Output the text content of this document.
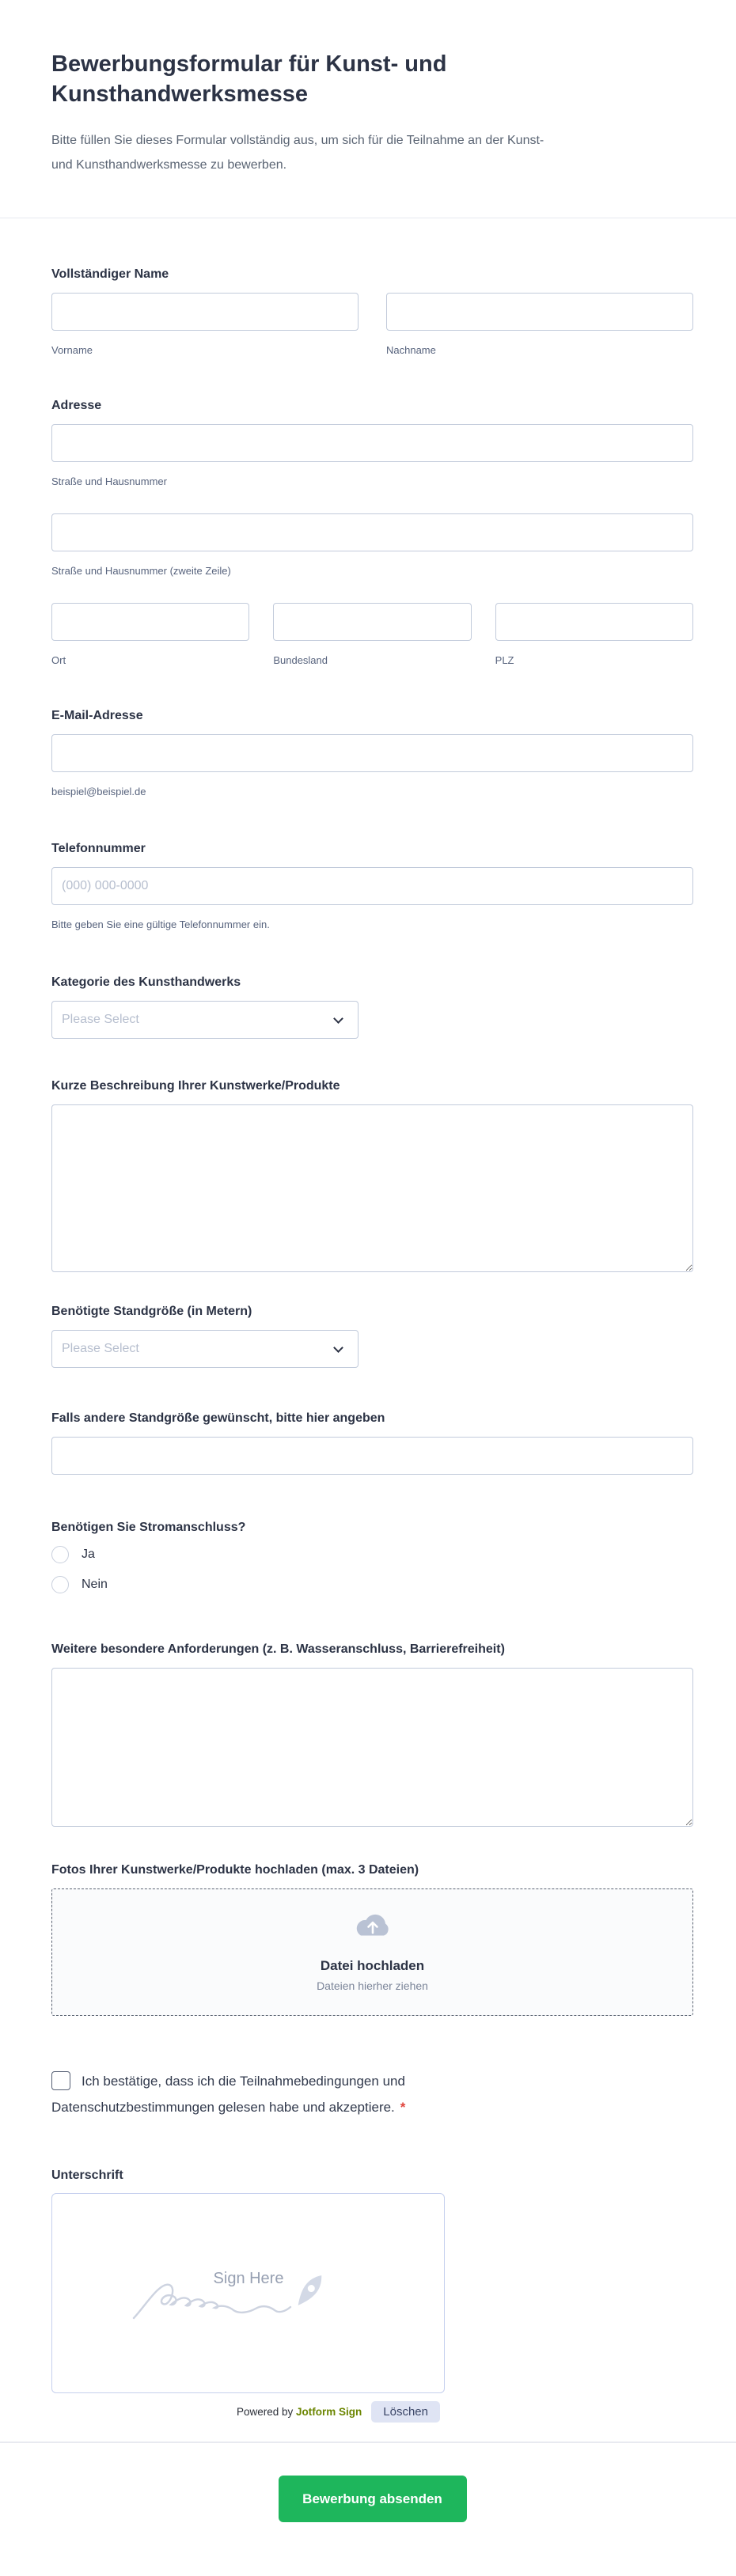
Bewerbungsformular für Kunst- und Kunsthandwerksmesse

Bitte füllen Sie dieses Formular vollständig aus, um sich für die Teilnahme an der Kunst- und Kunsthandwerksmesse zu bewerben.

Vollständiger Name
Vorname	Nachname
Adresse
Straße und Hausnummer
Straße und Hausnummer (zweite Zeile)
Ort	Bundesland	PLZ
E-Mail-Adresse
beispiel@beispiel.de
Telefonnummer
(000) 000-0000
Bitte geben Sie eine gültige Telefonnummer ein.
Kategorie des Kunsthandwerks
Please Select
Kurze Beschreibung Ihrer Kunstwerke/Produkte
Benötigte Standgröße (in Metern)
Please Select
Falls andere Standgröße gewünscht, bitte hier angeben
Benötigen Sie Stromanschluss?
Ja
Nein
Weitere besondere Anforderungen (z. B. Wasseranschluss, Barrierefreiheit)
Fotos Ihrer Kunstwerke/Produkte hochladen (max. 3 Dateien)
Datei hochladen
Dateien hierher ziehen
Ich bestätige, dass ich die Teilnahmebedingungen und Datenschutzbestimmungen gelesen habe und akzeptiere. *
Unterschrift
Sign Here
Powered by Jotform Sign	Löschen
Bewerbung absenden
